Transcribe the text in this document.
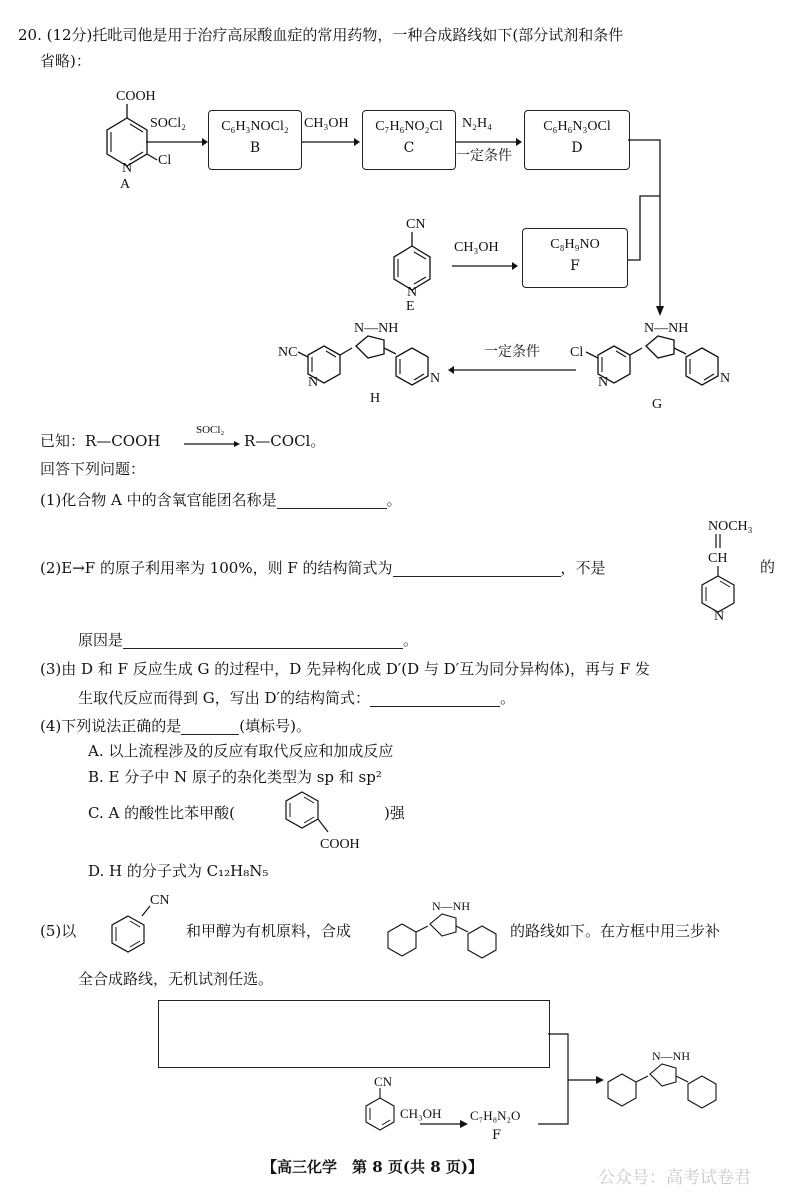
20. (12分)托吡司他是用于治疗高尿酸血症的常用药物，一种合成路线如下(部分试剂和条件
省略)：
COOH
N
Cl
A
SOCl₂	C₆H₃NOCl₂
B
CH₃OH	C₇H₆NO₂Cl
C
N₂H₄
一定条件
C₆H₆N₃OCl
D
CN
N
E
CH₃OH	C₈H₉NO
F
Cl
N
N—NH
N
G
一定条件
NC
N
N—NH
N
H
已知：R—COOH
SOCl₂
R—COCl。
回答下列问题：
(1)化合物 A 中的含氧官能团名称是	。
(2)E→F 的原子利用率为 100%，则 F 的结构简式为	，不是
NOCH₃
CH
N
的
原因是	。
(3)由 D 和 F 反应生成 G 的过程中，D 先异构化成 D′(D 与 D′互为同分异构体)，再与 F 发
生取代反应而得到 G，写出 D′的结构简式：	。
(4)下列说法正确的是	(填标号)。
A. 以上流程涉及的反应有取代反应和加成反应
B. E 分子中 N 原子的杂化类型为 sp 和 sp²
C. A 的酸性比苯甲酸(
COOH
)强
D. H 的分子式为 C₁₂H₈N₅
(5)以
CN
和甲醇为有机原料，合成
N—NH
的路线如下。在方框中用三步补
全合成路线，无机试剂任选。
CN
CH₃OH C₇H₈N₂O
F
N—NH
【高三化学　第 8 页(共 8 页)】
公众号：高考试卷君
